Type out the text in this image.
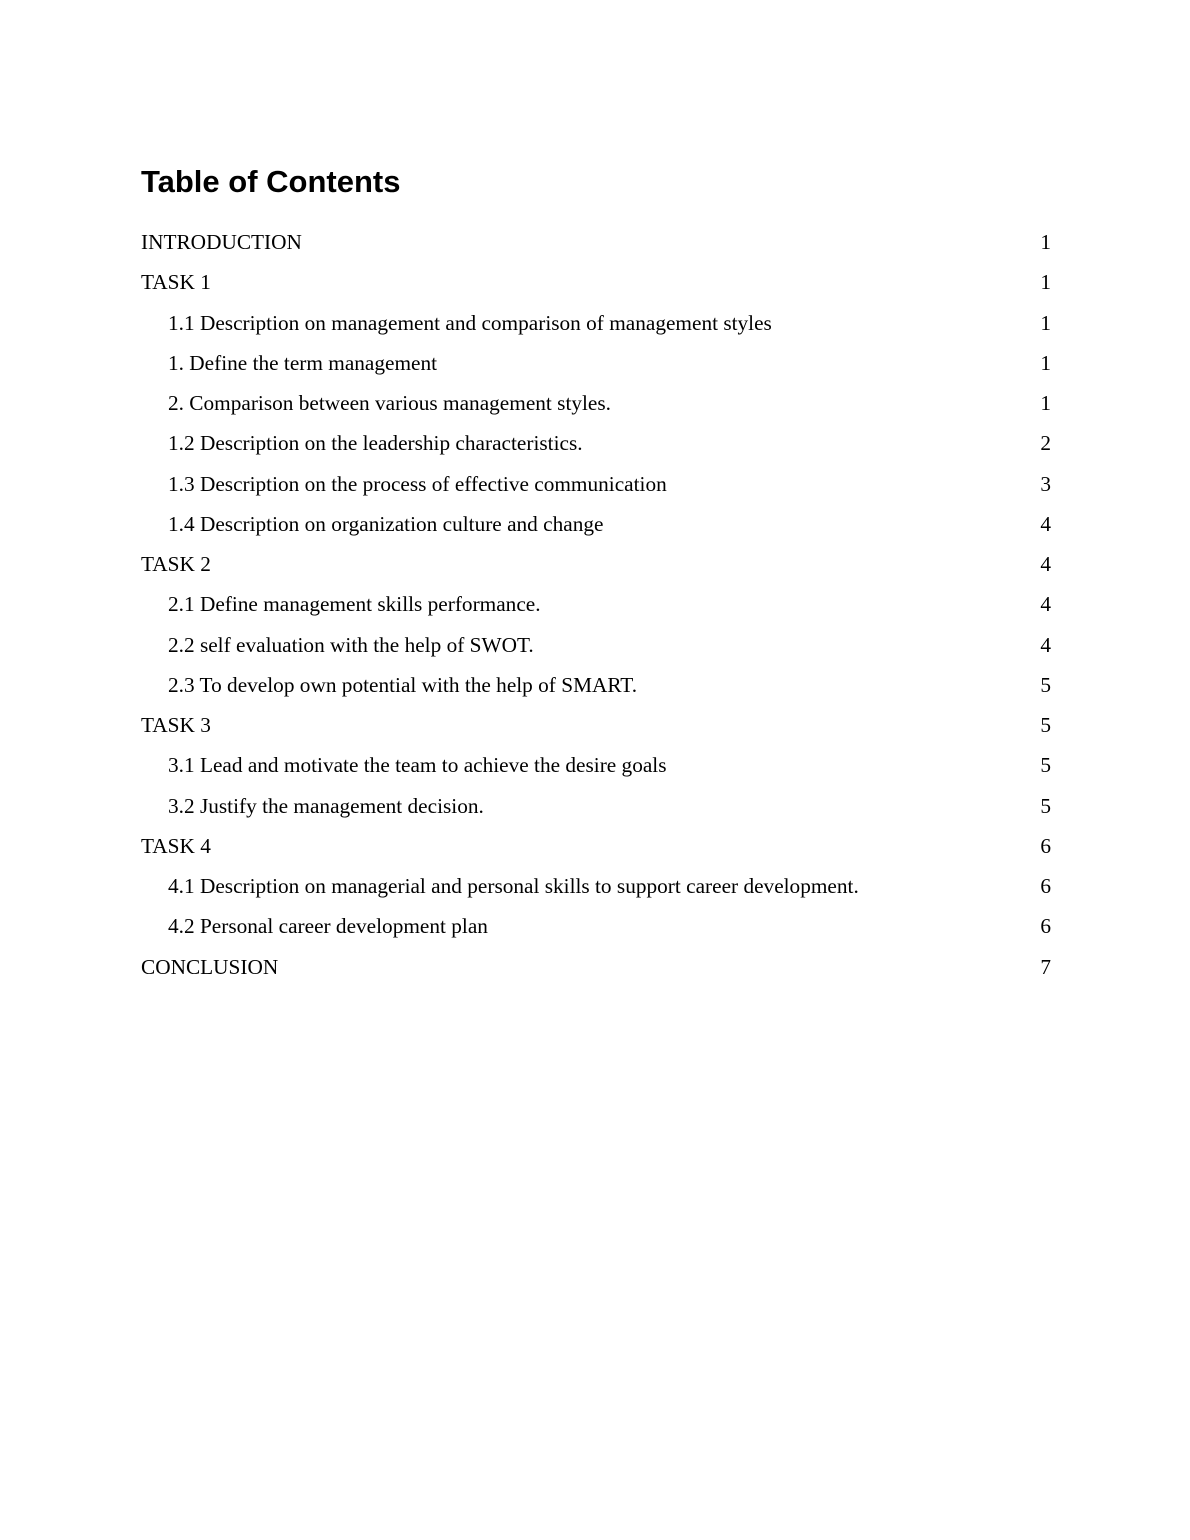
Table of Contents
INTRODUCTION	1
TASK 1	1
1.1 Description on management and comparison of management styles	1
1. Define the term management	1
2. Comparison between various management styles.	1
1.2 Description on the leadership characteristics.	2
1.3 Description on the process of effective communication	3
1.4 Description on organization culture and change	4
TASK 2	4
2.1 Define management skills performance.	4
2.2 self evaluation with the help of SWOT.	4
2.3 To develop own potential with the help of SMART.	5
TASK 3	5
3.1 Lead and motivate the team to achieve the desire goals	5
3.2 Justify the management decision.	5
TASK 4	6
4.1 Description on managerial and personal skills to support career development.	6
4.2 Personal career development plan	6
CONCLUSION	7
